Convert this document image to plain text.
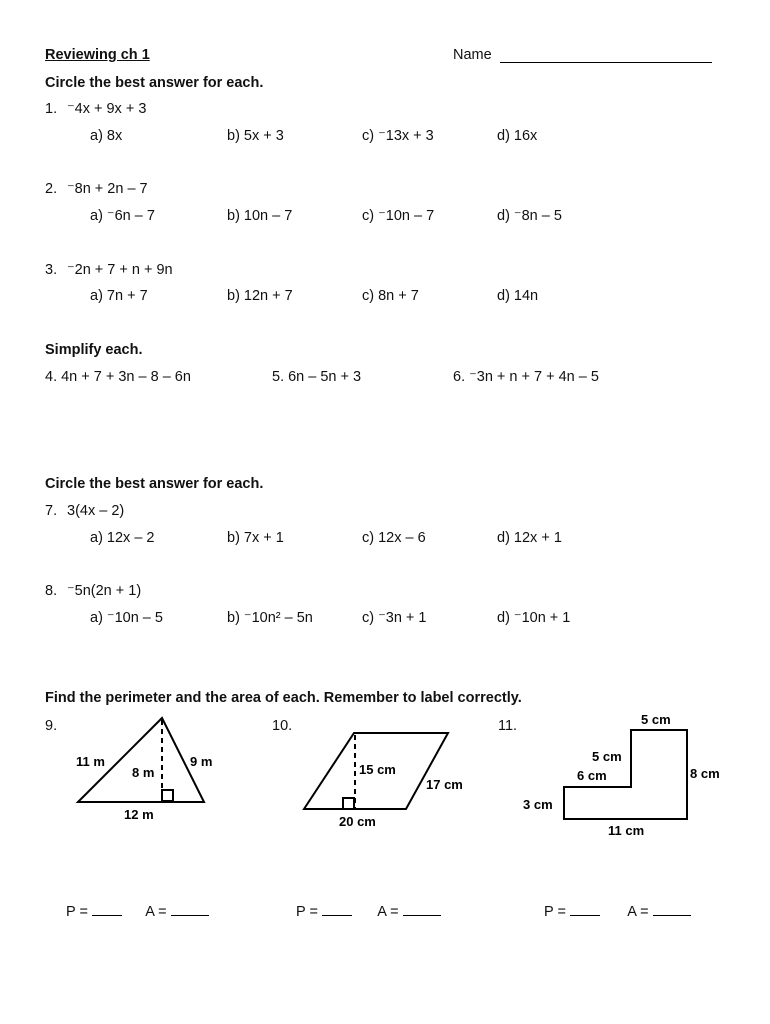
Reviewing ch 1	Name
Circle the best answer for each.
1. ⁻4x + 9x + 3
a) 8x	b) 5x + 3	c) ⁻13x + 3	d) 16x
2. ⁻8n + 2n – 7
a) ⁻6n – 7	b) 10n – 7	c) ⁻10n – 7	d) ⁻8n – 5
3. ⁻2n + 7 + n + 9n
a) 7n + 7	b) 12n + 7	c) 8n + 7	d) 14n
Simplify each.
4. 4n + 7 + 3n – 8 – 6n	5. 6n – 5n + 3	6. ⁻3n + n + 7 + 4n – 5
Circle the best answer for each.
7. 3(4x – 2)
a) 12x – 2	b) 7x + 1	c) 12x – 6	d) 12x + 1
8. ⁻5n(2n + 1)
a) ⁻10n – 5	b) ⁻10n² – 5n	c) ⁻3n + 1	d) ⁻10n + 1
Find the perimeter and the area of each. Remember to label correctly.
9.	10.	11.
11 m
8 m
9 m
12 m
15 cm
17 cm
20 cm
5 cm
5 cm
6 cm	8 cm
3 cm
11 cm
P =	A =	P =	A =	P =	A =
